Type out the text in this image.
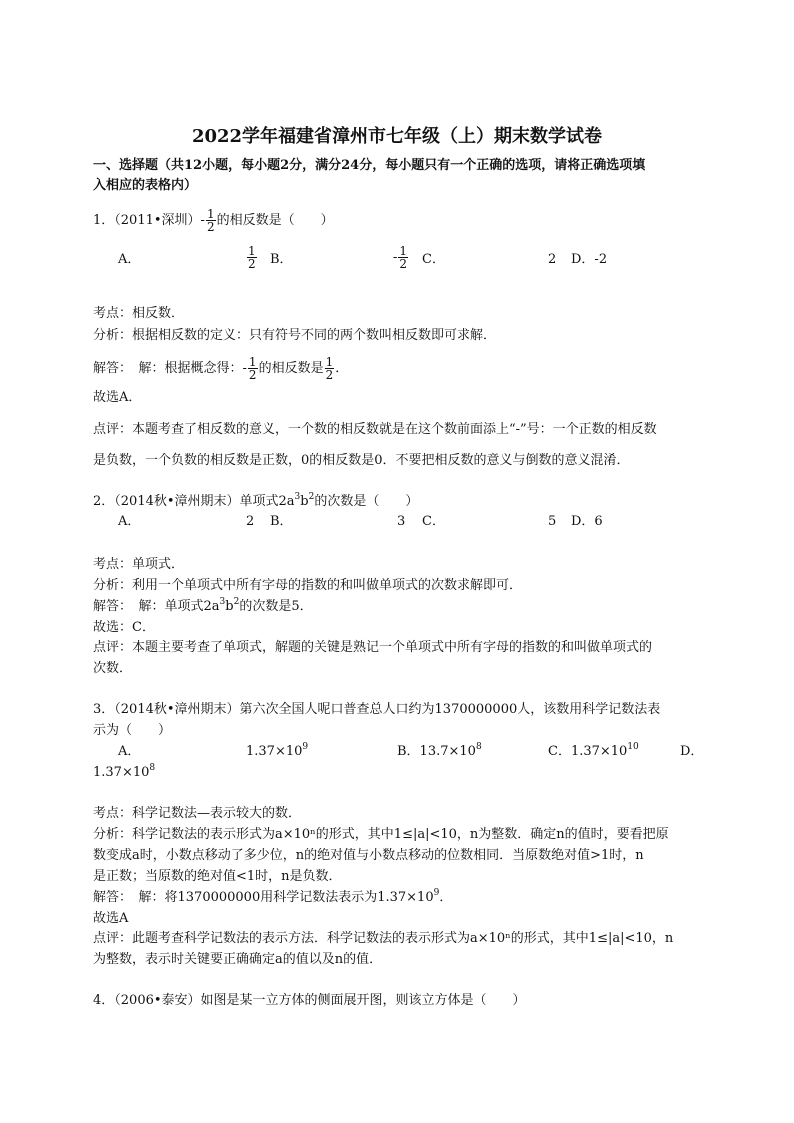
2022学年福建省漳州市七年级（上）期末数学试卷
一、选择题（共12小题，每小题2分，满分24分，每小题只有一个正确的选项，请将正确选项填
入相应的表格内）
1．（2011•深圳）- $\frac{1}{2}$ 的相反数是（　　）
A．	$\frac{1}{2}$ B．	- $\frac{1}{2}$ C．	2 D．-2
考点：相反数．
分析：根据相反数的定义：只有符号不同的两个数叫相反数即可求解．
解答：　解：根据概念得：- $\frac{1}{2}$ 的相反数是 $\frac{1}{2}$ ．
故选A．
点评：本题考查了相反数的意义，一个数的相反数就是在这个数前面添上“-”号：一个正数的相反数
是负数，一个负数的相反数是正数，0的相反数是0．不要把相反数的意义与倒数的意义混淆．
2．（2014秋•漳州期末）单项式$2a^3b^2$的次数是（　　）
A．	2 B．	3 C．	5 D．6
考点：单项式．
分析：利用一个单项式中所有字母的指数的和叫做单项式的次数求解即可．
解答：　解：单项式$2a^3b^2$的次数是5．
故选：C．
点评：本题主要考查了单项式，解题的关键是熟记一个单项式中所有字母的指数的和叫做单项式的
次数．
3．（2014秋•漳州期末）第六次全国人呢口普查总人口约为1370000000人，该数用科学记数法表
示为（　　）
A．	$1.37\times 10^9$	B．$13.7\times 10^8$	C．$1.37\times 10^{10}$	D．
$1.37\times 10^8$
考点：科学记数法—表示较大的数．
分析：科学记数法的表示形式为a×10ⁿ的形式，其中1≤|a|<10，n为整数．确定n的值时，要看把原
数变成a时，小数点移动了多少位，n的绝对值与小数点移动的位数相同．当原数绝对值>1时，n
是正数；当原数的绝对值<1时，n是负数．
解答：　解：将1370000000用科学记数法表示为$1.37\times 10^9$．
故选A
点评：此题考查科学记数法的表示方法．科学记数法的表示形式为a×10ⁿ的形式，其中1≤|a|<10，n
为整数，表示时关键要正确确定a的值以及n的值．
4．（2006•泰安）如图是某一立方体的侧面展开图，则该立方体是（　　）
